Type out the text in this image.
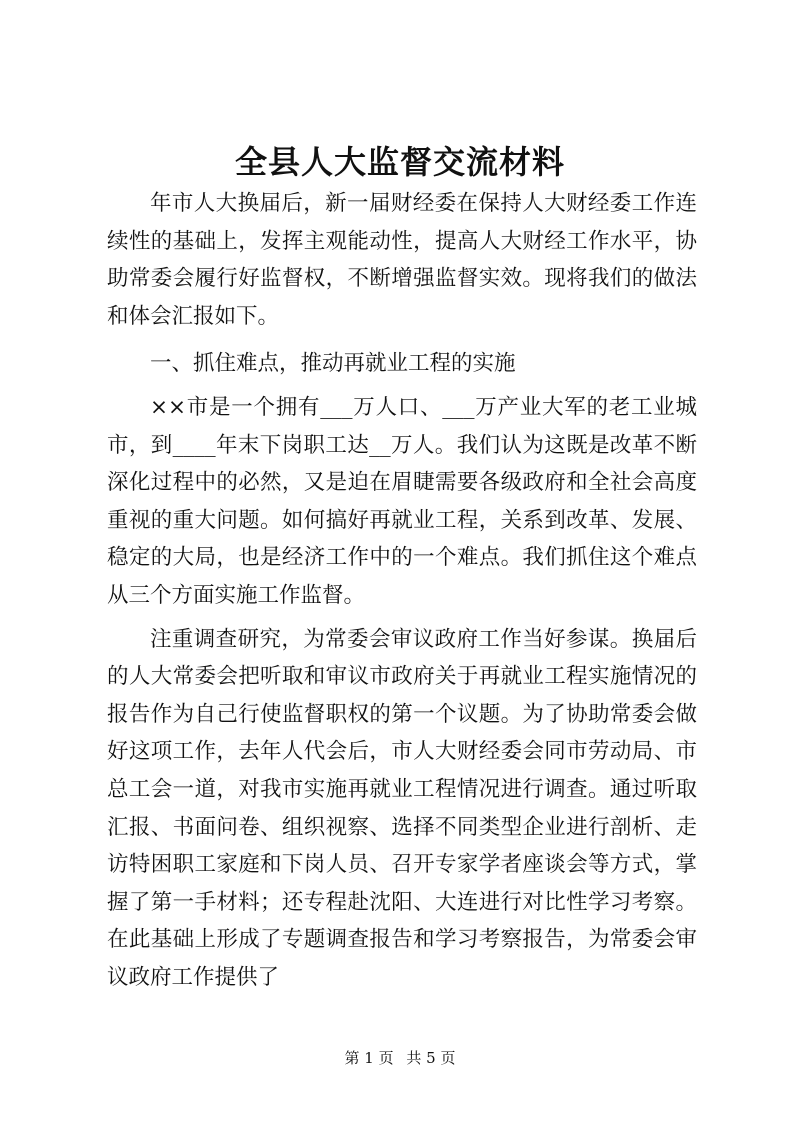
全县人大监督交流材料

年市人大换届后，新一届财经委在保持人大财经委工作连续性的基础上，发挥主观能动性，提高人大财经工作水平，协助常委会履行好监督权，不断增强监督实效。现将我们的做法和体会汇报如下。

一、抓住难点，推动再就业工程的实施

××市是一个拥有___万人口、___万产业大军的老工业城市，到____年末下岗职工达__万人。我们认为这既是改革不断深化过程中的必然，又是迫在眉睫需要各级政府和全社会高度重视的重大问题。如何搞好再就业工程，关系到改革、发展、稳定的大局，也是经济工作中的一个难点。我们抓住这个难点从三个方面实施工作监督。

注重调查研究，为常委会审议政府工作当好参谋。换届后的人大常委会把听取和审议市政府关于再就业工程实施情况的报告作为自己行使监督职权的第一个议题。为了协助常委会做好这项工作，去年人代会后，市人大财经委会同市劳动局、市总工会一道，对我市实施再就业工程情况进行调查。通过听取汇报、书面问卷、组织视察、选择不同类型企业进行剖析、走访特困职工家庭和下岗人员、召开专家学者座谈会等方式，掌握了第一手材料；还专程赴沈阳、大连进行对比性学习考察。在此基础上形成了专题调查报告和学习考察报告，为常委会审议政府工作提供了

第 1 页 共 5 页
